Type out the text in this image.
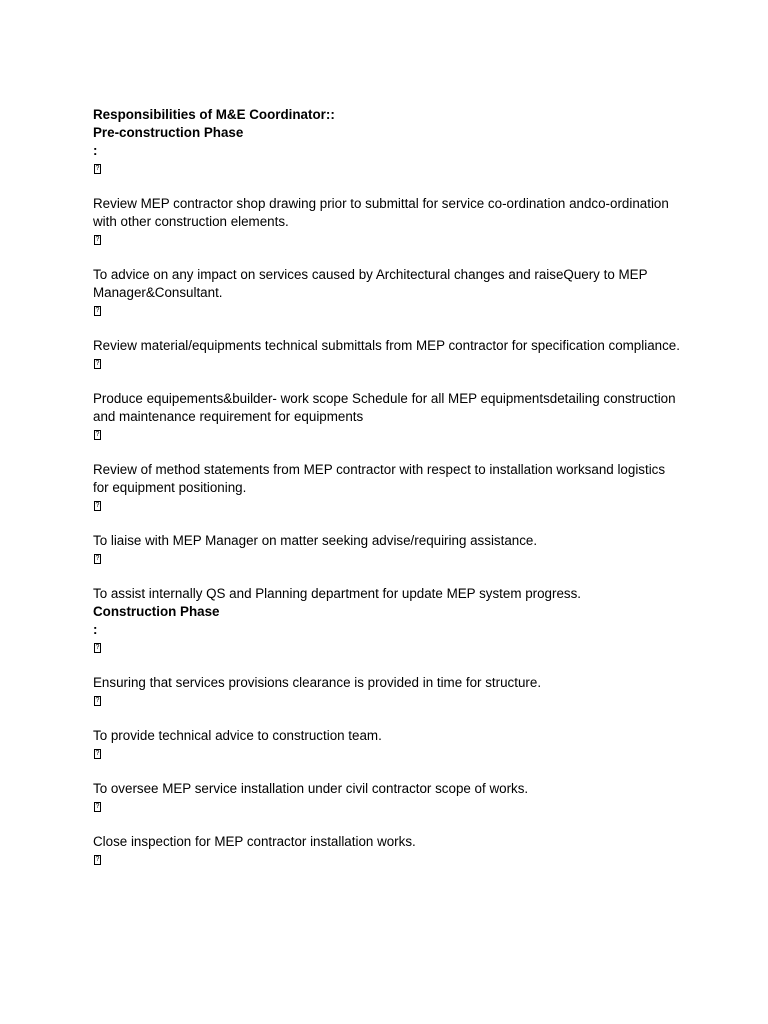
Responsibilities of M&E Coordinator::

Pre-construction Phase

:

?

Review MEP contractor shop drawing prior to submittal for service co-ordination andco-ordination with other construction elements.

?

To advice on any impact on services caused by Architectural changes and raiseQuery to MEP Manager&Consultant.

?

Review material/equipments technical submittals from MEP contractor for specification compliance.

?

Produce equipements&builder- work scope Schedule for all MEP equipmentsdetailing construction and maintenance requirement for equipments

?

Review of method statements from MEP contractor with respect to installation worksand logistics for equipment positioning.

?

To liaise with MEP Manager on matter seeking advise/requiring assistance.

?

To assist internally QS and Planning department for update MEP system progress.

Construction Phase

:

?

Ensuring that services provisions clearance is provided in time for structure.

?

To provide technical advice to construction team.

?

To oversee MEP service installation under civil contractor scope of works.

?

Close inspection for MEP contractor installation works.

?
